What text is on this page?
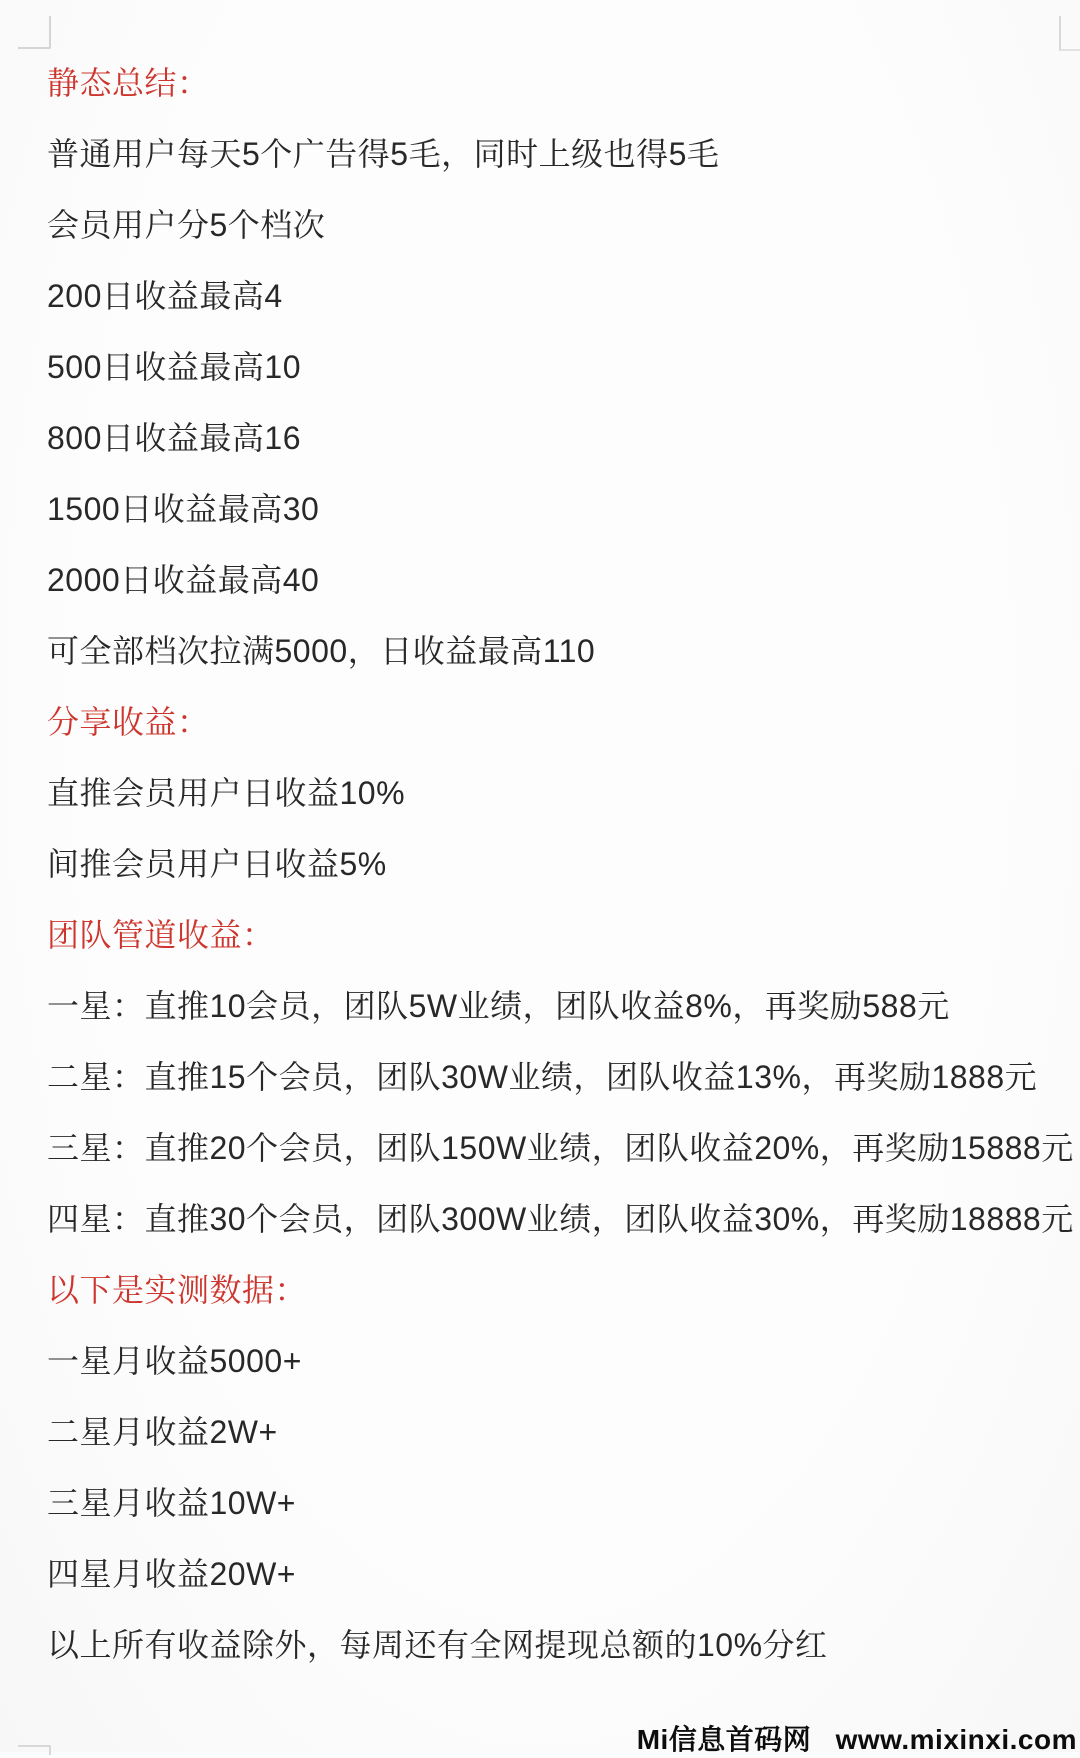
静态总结：
普通用户每天5个广告得5毛，同时上级也得5毛
会员用户分5个档次
200日收益最高4
500日收益最高10
800日收益最高16
1500日收益最高30
2000日收益最高40
可全部档次拉满5000，日收益最高110
分享收益：
直推会员用户日收益10%
间推会员用户日收益5%
团队管道收益：
一星：直推10会员，团队5W业绩，团队收益8%，再奖励588元
二星：直推15个会员，团队30W业绩，团队收益13%，再奖励1888元
三星：直推20个会员，团队150W业绩，团队收益20%，再奖励15888元
四星：直推30个会员，团队300W业绩，团队收益30%，再奖励18888元
以下是实测数据：
一星月收益5000+
二星月收益2W+
三星月收益10W+
四星月收益20W+
以上所有收益除外，每周还有全网提现总额的10%分红
Mi信息首码网 www.mixinxi.com
